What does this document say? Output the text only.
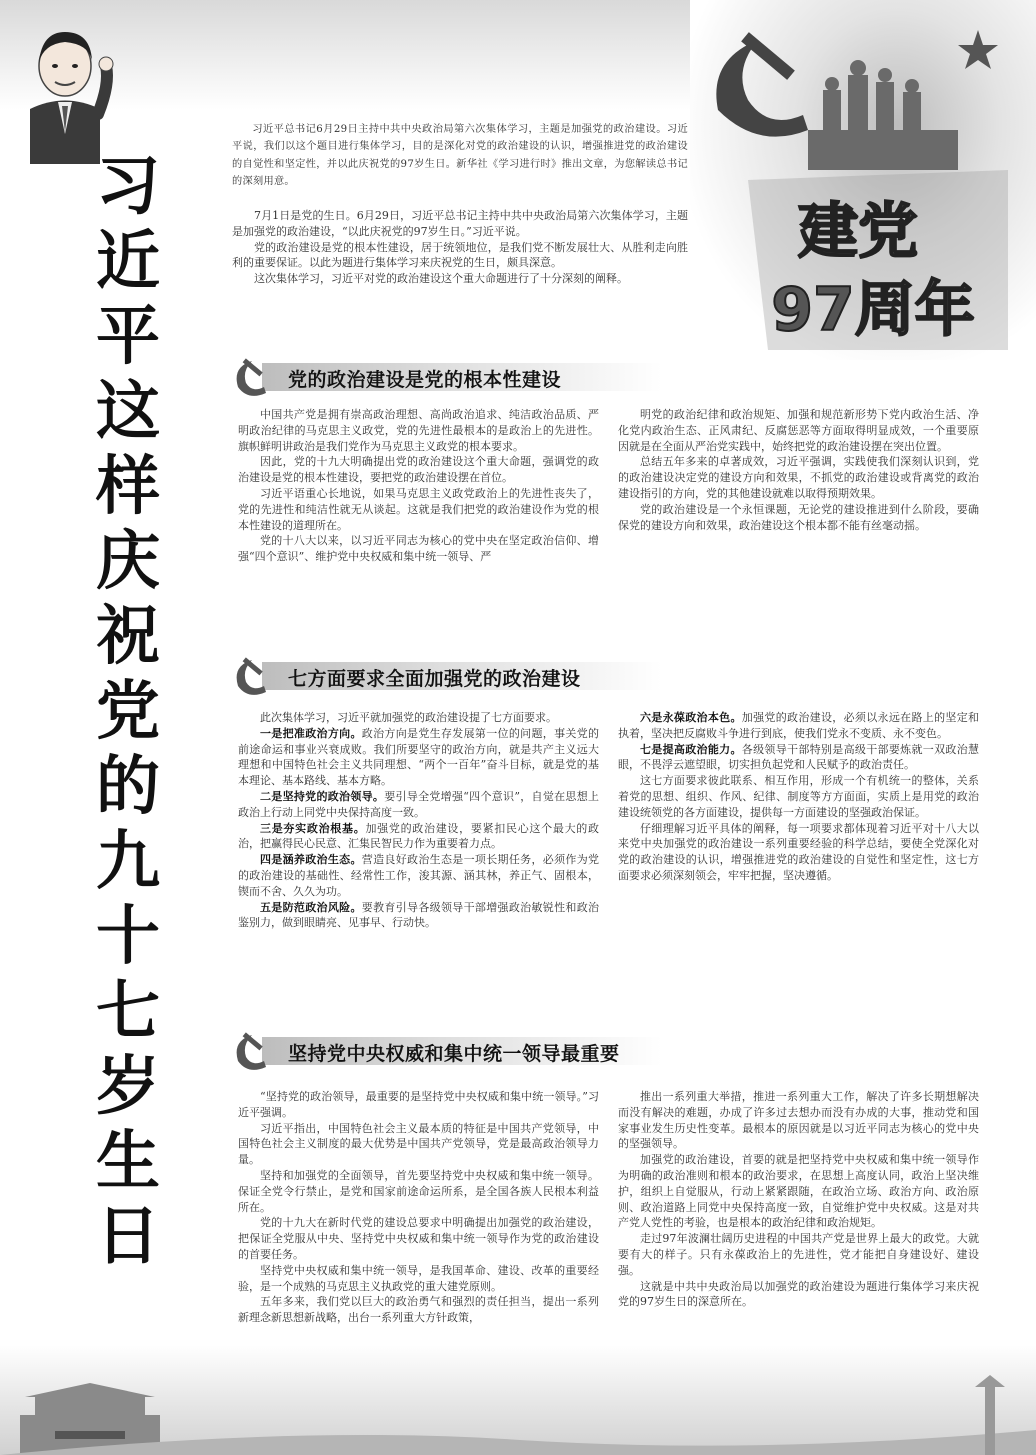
习
近
平
这
样
庆
祝
党
的
九
十
七
岁
生
日
习近平总书记6月29日主持中共中央政治局第六次集体学习，主题是加强党的政治建设。习近平说，我们以这个题目进行集体学习，目的是深化对党的政治建设的认识，增强推进党的政治建设的自觉性和坚定性，并以此庆祝党的97岁生日。新华社《学习进行时》推出文章，为您解读总书记的深刻用意。

7月1日是党的生日。6月29日，习近平总书记主持中共中央政治局第六次集体学习，主题是加强党的政治建设，“以此庆祝党的97岁生日。”习近平说。

党的政治建设是党的根本性建设，居于统领地位，是我们党不断发展壮大、从胜利走向胜利的重要保证。以此为题进行集体学习来庆祝党的生日，颇具深意。

这次集体学习，习近平对党的政治建设这个重大命题进行了十分深刻的阐释。

建党
97周年
党的政治建设是党的根本性建设

中国共产党是拥有崇高政治理想、高尚政治追求、纯洁政治品质、严明政治纪律的马克思主义政党，党的先进性最根本的是政治上的先进性。旗帜鲜明讲政治是我们党作为马克思主义政党的根本要求。

因此，党的十九大明确提出党的政治建设这个重大命题，强调党的政治建设是党的根本性建设，要把党的政治建设摆在首位。

习近平语重心长地说，如果马克思主义政党政治上的先进性丧失了，党的先进性和纯洁性就无从谈起。这就是我们把党的政治建设作为党的根本性建设的道理所在。

党的十八大以来，以习近平同志为核心的党中央在坚定政治信仰、增强“四个意识”、维护党中央权威和集中统一领导、严

明党的政治纪律和政治规矩、加强和规范新形势下党内政治生活、净化党内政治生态、正风肃纪、反腐惩恶等方面取得明显成效，一个重要原因就是在全面从严治党实践中，始终把党的政治建设摆在突出位置。

总结五年多来的卓著成效，习近平强调，实践使我们深刻认识到，党的政治建设决定党的建设方向和效果，不抓党的政治建设或背离党的政治建设指引的方向，党的其他建设就难以取得预期效果。

党的政治建设是一个永恒课题，无论党的建设推进到什么阶段，要确保党的建设方向和效果，政治建设这个根本都不能有丝毫动摇。

七方面要求全面加强党的政治建设

此次集体学习，习近平就加强党的政治建设提了七方面要求。

一是把准政治方向。政治方向是党生存发展第一位的问题，事关党的前途命运和事业兴衰成败。我们所要坚守的政治方向，就是共产主义远大理想和中国特色社会主义共同理想、“两个一百年”奋斗目标，就是党的基本理论、基本路线、基本方略。

二是坚持党的政治领导。要引导全党增强“四个意识”，自觉在思想上政治上行动上同党中央保持高度一致。

三是夯实政治根基。加强党的政治建设，要紧扣民心这个最大的政治，把赢得民心民意、汇集民智民力作为重要着力点。

四是涵养政治生态。营造良好政治生态是一项长期任务，必须作为党的政治建设的基础性、经常性工作，浚其源、涵其林，养正气、固根本，锲而不舍、久久为功。

五是防范政治风险。要教育引导各级领导干部增强政治敏锐性和政治鉴别力，做到眼睛亮、见事早、行动快。

六是永葆政治本色。加强党的政治建设，必须以永远在路上的坚定和执着，坚决把反腐败斗争进行到底，使我们党永不变质、永不变色。

七是提高政治能力。各级领导干部特别是高级干部要炼就一双政治慧眼，不畏浮云遮望眼，切实担负起党和人民赋予的政治责任。

这七方面要求彼此联系、相互作用，形成一个有机统一的整体，关系着党的思想、组织、作风、纪律、制度等方方面面，实质上是用党的政治建设统领党的各方面建设，提供每一方面建设的坚强政治保证。

仔细理解习近平具体的阐释，每一项要求都体现着习近平对十八大以来党中央加强党的政治建设一系列重要经验的科学总结，要使全党深化对党的政治建设的认识，增强推进党的政治建设的自觉性和坚定性，这七方面要求必须深刻领会，牢牢把握，坚决遵循。

坚持党中央权威和集中统一领导最重要

“坚持党的政治领导，最重要的是坚持党中央权威和集中统一领导。”习近平强调。

习近平指出，中国特色社会主义最本质的特征是中国共产党领导，中国特色社会主义制度的最大优势是中国共产党领导，党是最高政治领导力量。

坚持和加强党的全面领导，首先要坚持党中央权威和集中统一领导。保证全党令行禁止，是党和国家前途命运所系，是全国各族人民根本利益所在。

党的十九大在新时代党的建设总要求中明确提出加强党的政治建设，把保证全党服从中央、坚持党中央权威和集中统一领导作为党的政治建设的首要任务。

坚持党中央权威和集中统一领导，是我国革命、建设、改革的重要经验，是一个成熟的马克思主义执政党的重大建党原则。

五年多来，我们党以巨大的政治勇气和强烈的责任担当，提出一系列新理念新思想新战略，出台一系列重大方针政策，

推出一系列重大举措，推进一系列重大工作，解决了许多长期想解决而没有解决的难题，办成了许多过去想办而没有办成的大事，推动党和国家事业发生历史性变革。最根本的原因就是以习近平同志为核心的党中央的坚强领导。

加强党的政治建设，首要的就是把坚持党中央权威和集中统一领导作为明确的政治准则和根本的政治要求，在思想上高度认同，政治上坚决维护，组织上自觉服从，行动上紧紧跟随，在政治立场、政治方向、政治原则、政治道路上同党中央保持高度一致，自觉维护党中央权威。这是对共产党人党性的考验，也是根本的政治纪律和政治规矩。

走过97年波澜壮阔历史进程的中国共产党是世界上最大的政党。大就要有大的样子。只有永葆政治上的先进性，党才能把自身建设好、建设强。

这就是中共中央政治局以加强党的政治建设为题进行集体学习来庆祝党的97岁生日的深意所在。
